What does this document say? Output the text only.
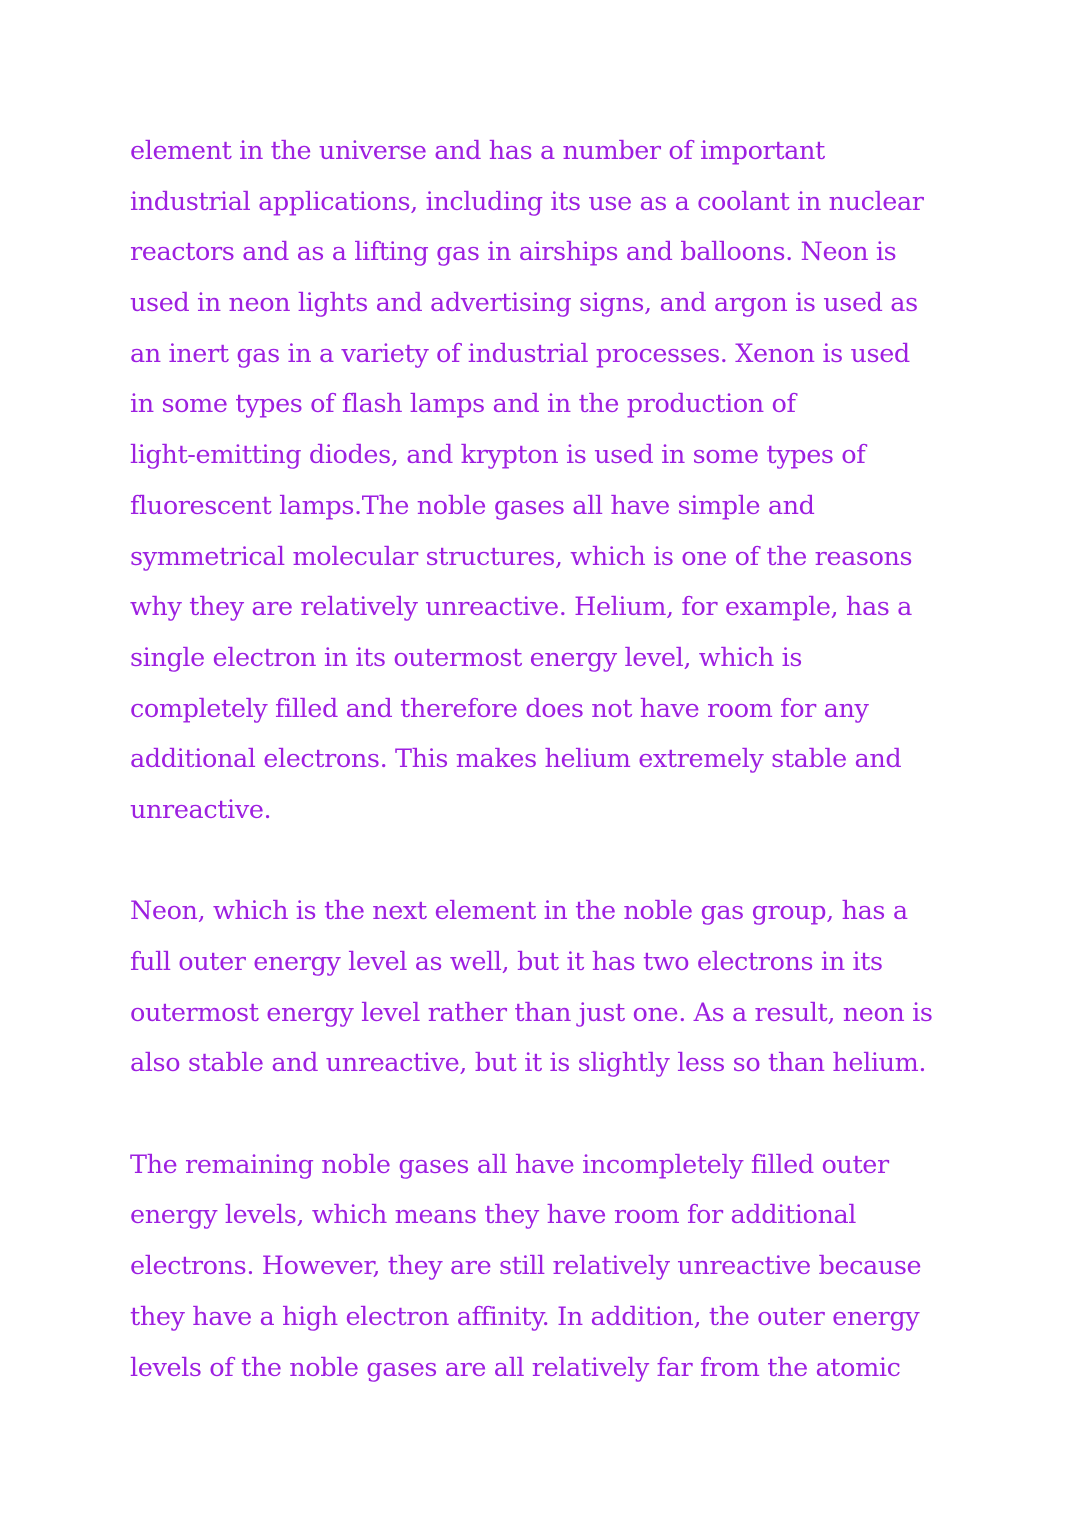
element in the universe and has a number of important
industrial applications, including its use as a coolant in nuclear
reactors and as a lifting gas in airships and balloons. Neon is
used in neon lights and advertising signs, and argon is used as
an inert gas in a variety of industrial processes. Xenon is used
in some types of flash lamps and in the production of
light-emitting diodes, and krypton is used in some types of
fluorescent lamps.The noble gases all have simple and
symmetrical molecular structures, which is one of the reasons
why they are relatively unreactive. Helium, for example, has a
single electron in its outermost energy level, which is
completely filled and therefore does not have room for any
additional electrons. This makes helium extremely stable and
unreactive.
Neon, which is the next element in the noble gas group, has a
full outer energy level as well, but it has two electrons in its
outermost energy level rather than just one. As a result, neon is
also stable and unreactive, but it is slightly less so than helium.
The remaining noble gases all have incompletely filled outer
energy levels, which means they have room for additional
electrons. However, they are still relatively unreactive because
they have a high electron affinity. In addition, the outer energy
levels of the noble gases are all relatively far from the atomic
